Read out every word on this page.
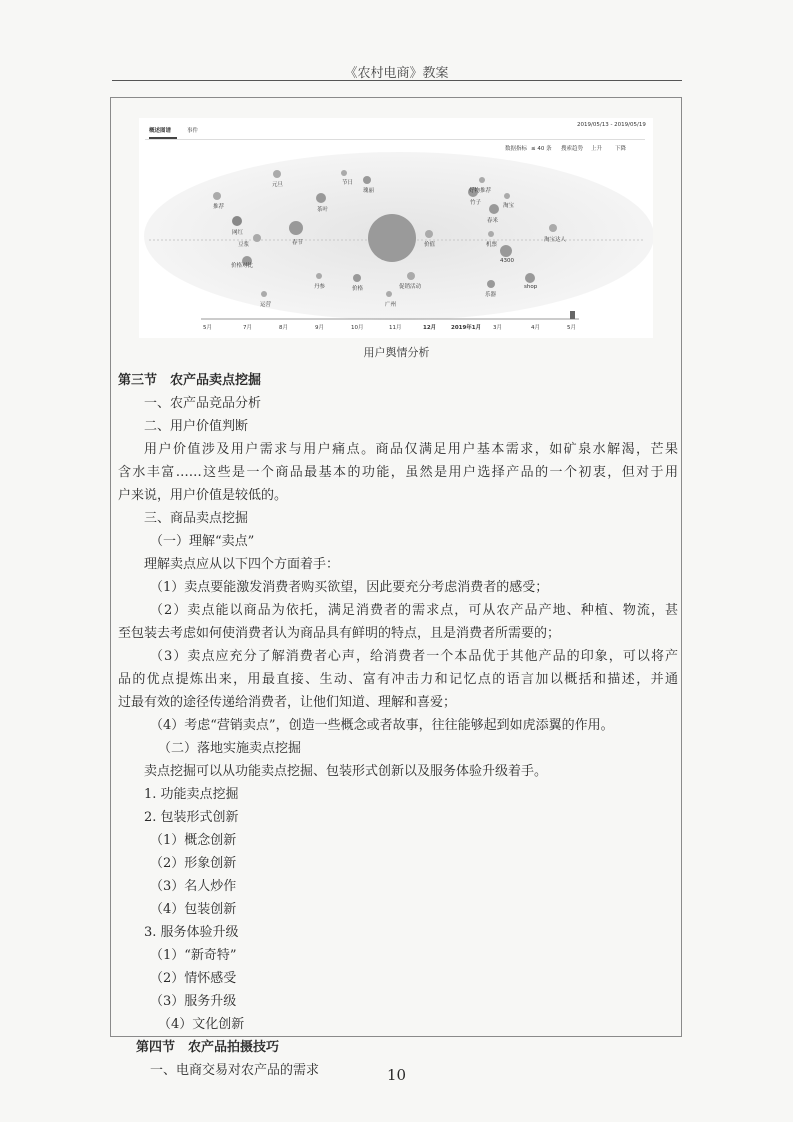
《农村电商》教案
概述图谱	事件
2019/05/13 - 2019/05/19
数据指标 ≤ 40 条 搜索趋势 上升 下降
元旦	节日
瑰丽
推荐	茶叶
网红
春节
豆浆
价格对比
竹子	淘宝
春米
价值	机票
淘宝达人
好物推荐
促销活动
价格
丹参
运营	广州
乐器
4300
shop
5月	7月	8月	9月	10月	11月	12月	2019年1月 3月	4月	5月
用户舆情分析

第三节　农产品卖点挖掘

一、农产品竞品分析

二、用户价值判断

用户价值涉及用户需求与用户痛点。商品仅满足用户基本需求，如矿泉水解渴，芒果

含水丰富……这些是一个商品最基本的功能，虽然是用户选择产品的一个初衷，但对于用

户来说，用户价值是较低的。

三、商品卖点挖掘

（一）理解“卖点”

理解卖点应从以下四个方面着手：

（1）卖点要能激发消费者购买欲望，因此要充分考虑消费者的感受；

（2）卖点能以商品为依托，满足消费者的需求点，可从农产品产地、种植、物流，甚

至包装去考虑如何使消费者认为商品具有鲜明的特点，且是消费者所需要的；

（3）卖点应充分了解消费者心声，给消费者一个本品优于其他产品的印象，可以将产

品的优点提炼出来，用最直接、生动、富有冲击力和记忆点的语言加以概括和描述，并通

过最有效的途径传递给消费者，让他们知道、理解和喜爱；

（4）考虑“营销卖点”，创造一些概念或者故事，往往能够起到如虎添翼的作用。

（二）落地实施卖点挖掘

卖点挖掘可以从功能卖点挖掘、包装形式创新以及服务体验升级着手。

1. 功能卖点挖掘

2. 包装形式创新

（1）概念创新

（2）形象创新

（3）名人炒作

（4）包装创新

3. 服务体验升级

（1）“新奇特”

（2）情怀感受

（3）服务升级

（4）文化创新

第四节　农产品拍摄技巧

一、电商交易对农产品的需求	10
